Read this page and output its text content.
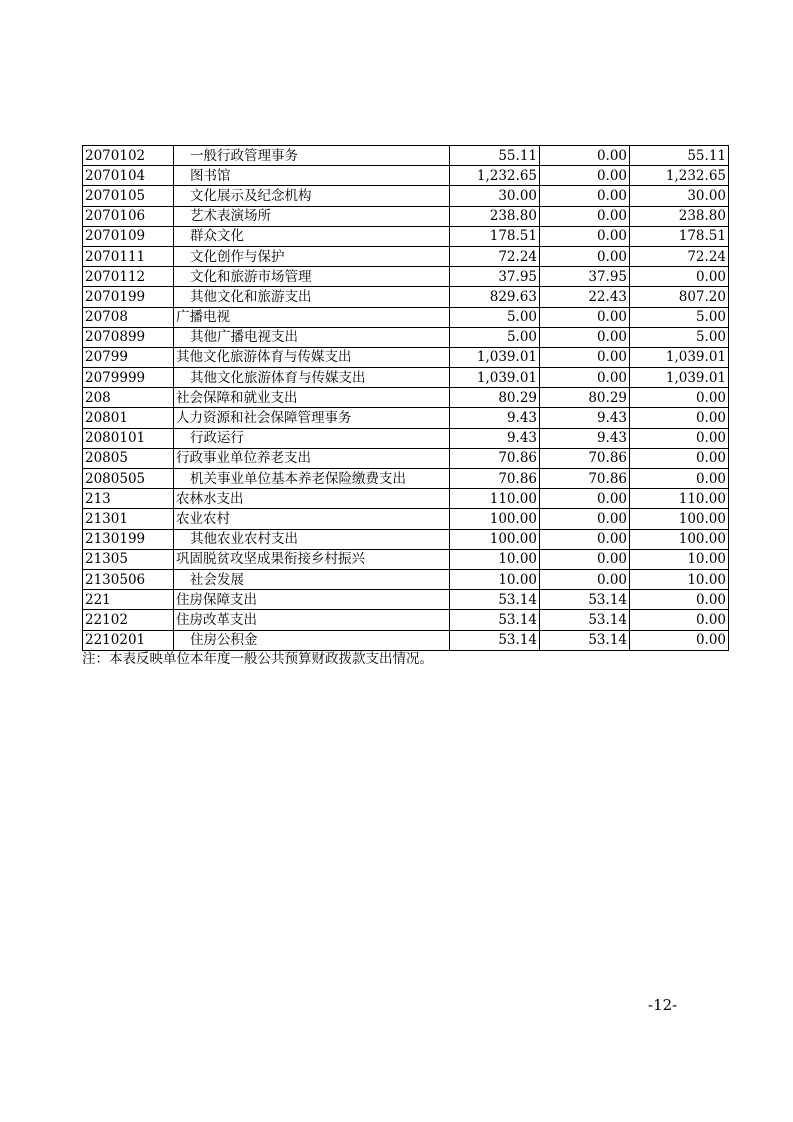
2070102	一般行政管理事务	55.11	0.00	55.11
2070104	图书馆	1,232.65	0.00	1,232.65
2070105	文化展示及纪念机构	30.00	0.00	30.00
2070106	艺术表演场所	238.80	0.00	238.80
2070109	群众文化	178.51	0.00	178.51
2070111	文化创作与保护	72.24	0.00	72.24
2070112	文化和旅游市场管理	37.95	37.95	0.00
2070199	其他文化和旅游支出	829.63	22.43	807.20
20708	广播电视	5.00	0.00	5.00
2070899	其他广播电视支出	5.00	0.00	5.00
20799	其他文化旅游体育与传媒支出	1,039.01	0.00	1,039.01
2079999	其他文化旅游体育与传媒支出	1,039.01	0.00	1,039.01
208	社会保障和就业支出	80.29	80.29	0.00
20801	人力资源和社会保障管理事务	9.43	9.43	0.00
2080101	行政运行	9.43	9.43	0.00
20805	行政事业单位养老支出	70.86	70.86	0.00
2080505	机关事业单位基本养老保险缴费支出	70.86	70.86	0.00
213	农林水支出	110.00	0.00	110.00
21301	农业农村	100.00	0.00	100.00
2130199	其他农业农村支出	100.00	0.00	100.00
21305	巩固脱贫攻坚成果衔接乡村振兴	10.00	0.00	10.00
2130506	社会发展	10.00	0.00	10.00
221	住房保障支出	53.14	53.14	0.00
22102	住房改革支出	53.14	53.14	0.00
2210201	住房公积金	53.14	53.14	0.00
注：本表反映单位本年度一般公共预算财政拨款支出情况。
-12-
